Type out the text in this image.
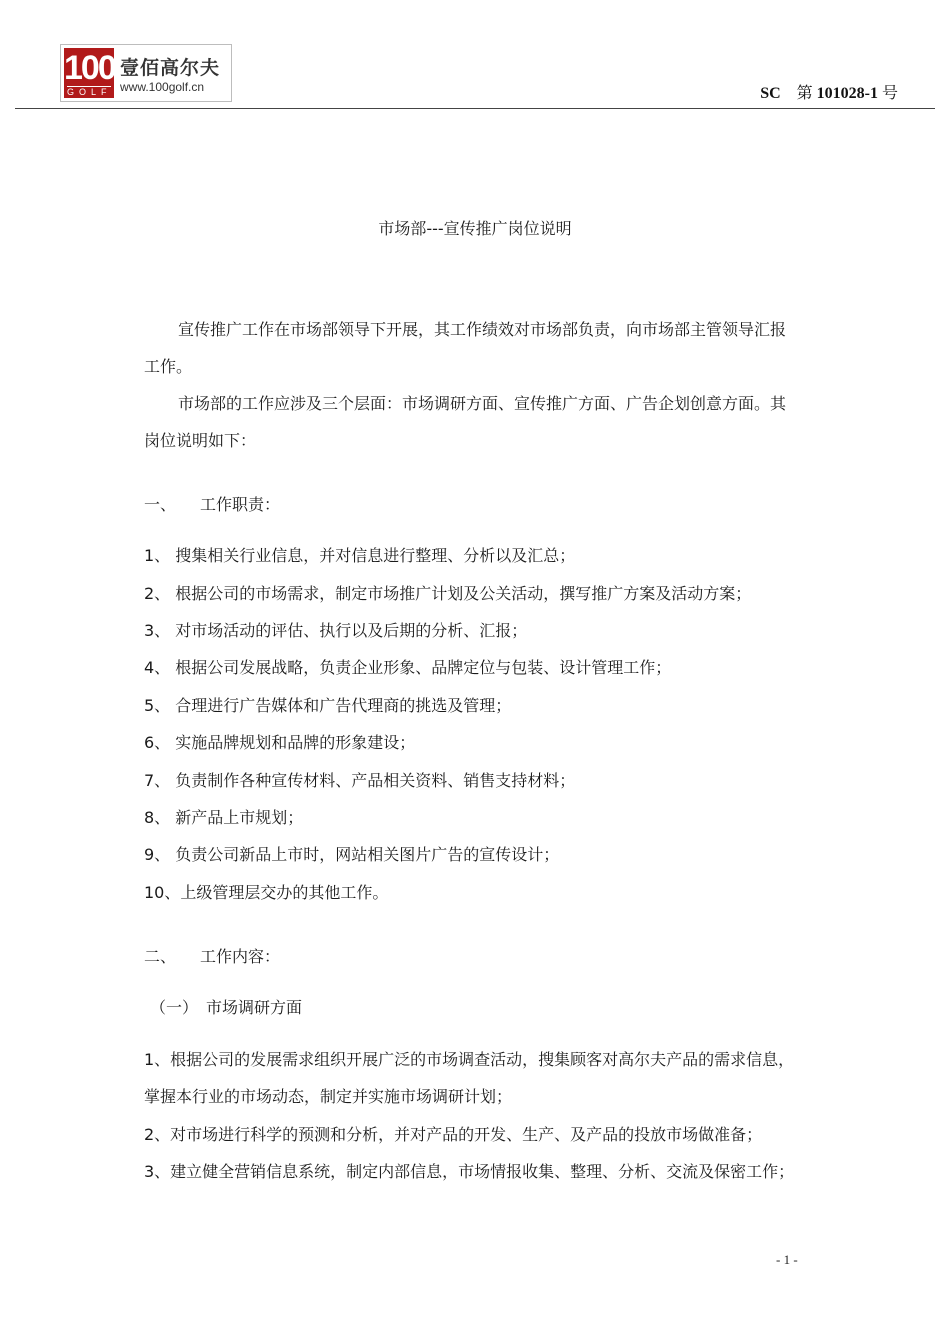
100
GOLF
壹佰高尔夫
www.100golf.cn	SC 第 101028-1 号
市场部---宣传推广岗位说明
宣传推广工作在市场部领导下开展，其工作绩效对市场部负责，向市场部主管领导汇报
工作。
市场部的工作应涉及三个层面：市场调研方面、宣传推广方面、广告企划创意方面。其
岗位说明如下：
一、 工作职责：
1、 搜集相关行业信息，并对信息进行整理、分析以及汇总；
2、 根据公司的市场需求，制定市场推广计划及公关活动，撰写推广方案及活动方案；
3、 对市场活动的评估、执行以及后期的分析、汇报；
4、 根据公司发展战略，负责企业形象、品牌定位与包装、设计管理工作；
5、 合理进行广告媒体和广告代理商的挑选及管理；
6、 实施品牌规划和品牌的形象建设；
7、 负责制作各种宣传材料、产品相关资料、销售支持材料；
8、 新产品上市规划；
9、 负责公司新品上市时，网站相关图片广告的宣传设计；
10、上级管理层交办的其他工作。
二、 工作内容：
（一） 市场调研方面
1、根据公司的发展需求组织开展广泛的市场调查活动，搜集顾客对高尔夫产品的需求信息，
掌握本行业的市场动态，制定并实施市场调研计划；
2、对市场进行科学的预测和分析，并对产品的开发、生产、及产品的投放市场做准备；
3、建立健全营销信息系统，制定内部信息，市场情报收集、整理、分析、交流及保密工作；
- 1 -
